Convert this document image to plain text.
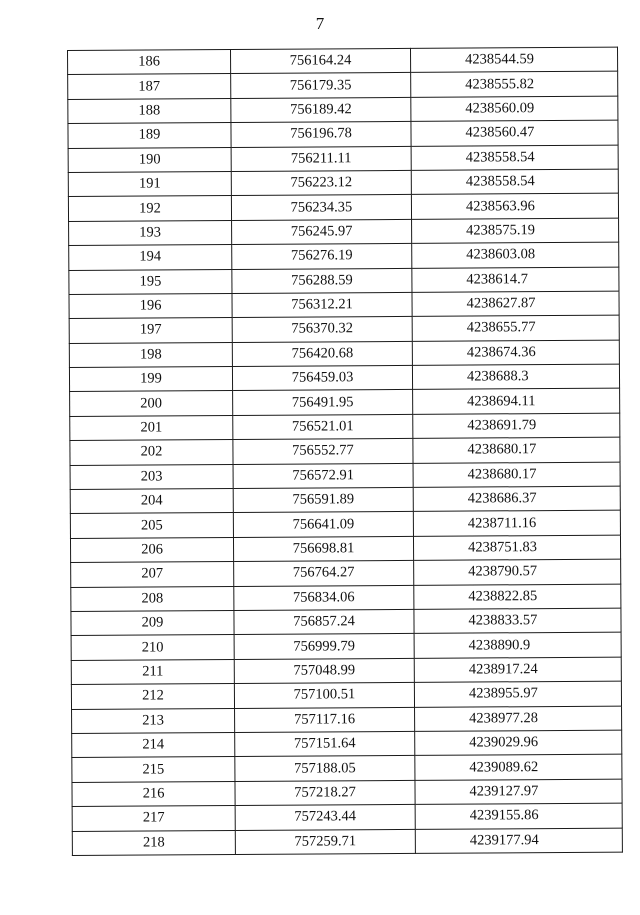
7
186	756164.24	4238544.59
187	756179.35	4238555.82
188	756189.42	4238560.09
189	756196.78	4238560.47
190	756211.11	4238558.54
191	756223.12	4238558.54
192	756234.35	4238563.96
193	756245.97	4238575.19
194	756276.19	4238603.08
195	756288.59	4238614.7
196	756312.21	4238627.87
197	756370.32	4238655.77
198	756420.68	4238674.36
199	756459.03	4238688.3
200	756491.95	4238694.11
201	756521.01	4238691.79
202	756552.77	4238680.17
203	756572.91	4238680.17
204	756591.89	4238686.37
205	756641.09	4238711.16
206	756698.81	4238751.83
207	756764.27	4238790.57
208	756834.06	4238822.85
209	756857.24	4238833.57
210	756999.79	4238890.9
211	757048.99	4238917.24
212	757100.51	4238955.97
213	757117.16	4238977.28
214	757151.64	4239029.96
215	757188.05	4239089.62
216	757218.27	4239127.97
217	757243.44	4239155.86
218	757259.71	4239177.94
